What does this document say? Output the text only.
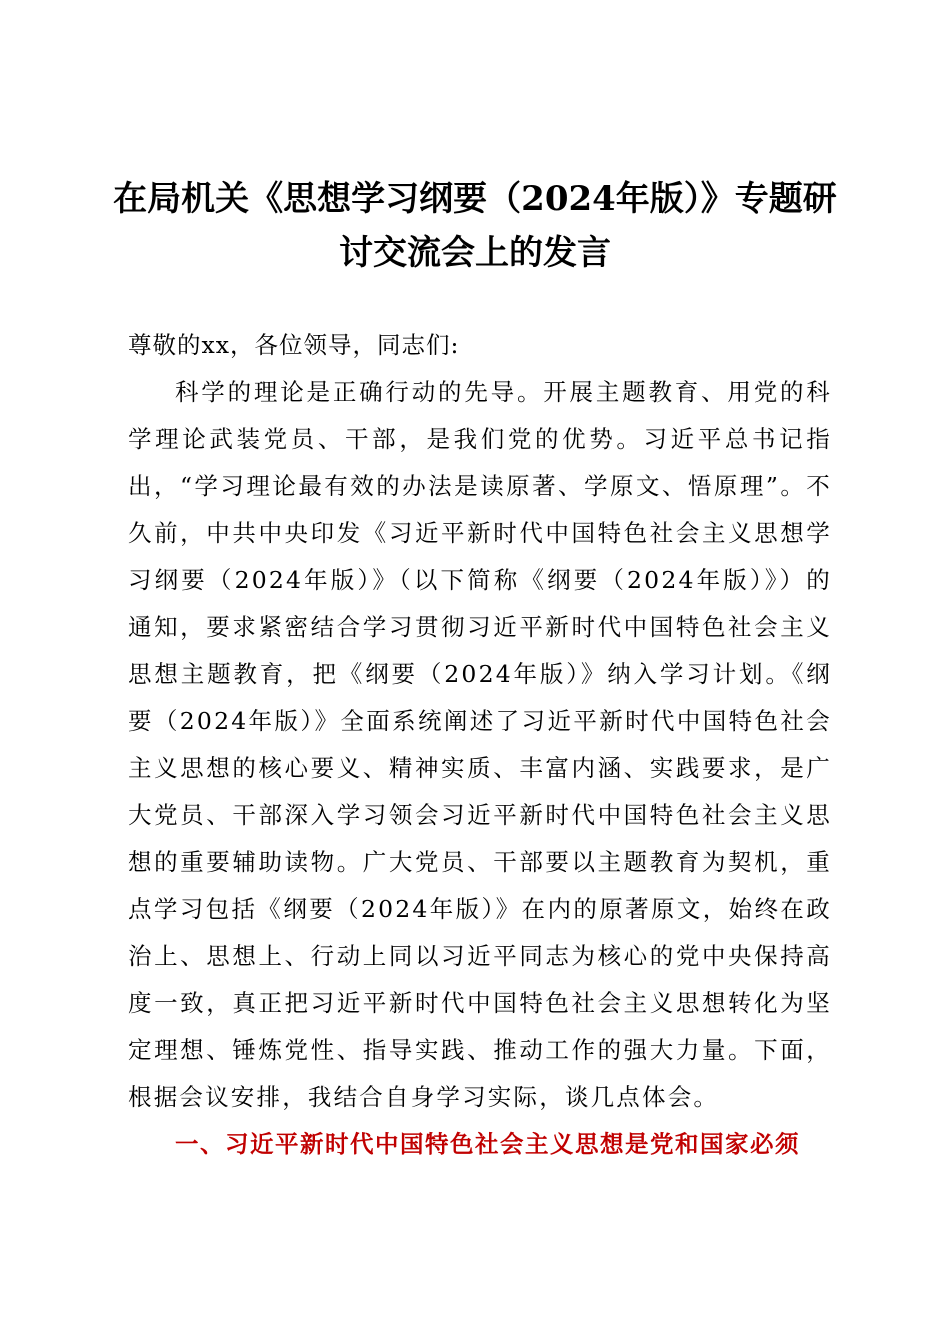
在局机关《思想学习纲要（2024年版）》专题研讨交流会上的发言

尊敬的xx，各位领导，同志们:

科学的理论是正确行动的先导。开展主题教育、用党的科学理论武装党员、干部，是我们党的优势。习近平总书记指出，“学习理论最有效的办法是读原著、学原文、悟原理”。不久前，中共中央印发《习近平新时代中国特色社会主义思想学习纲要（2024年版）》（以下简称《纲要（2024年版）》）的通知，要求紧密结合学习贯彻习近平新时代中国特色社会主义思想主题教育，把《纲要（2024年版）》纳入学习计划。《纲要（2024年版）》全面系统阐述了习近平新时代中国特色社会主义思想的核心要义、精神实质、丰富内涵、实践要求，是广大党员、干部深入学习领会习近平新时代中国特色社会主义思想的重要辅助读物。广大党员、干部要以主题教育为契机，重点学习包括《纲要（2024年版）》在内的原著原文，始终在政治上、思想上、行动上同以习近平同志为核心的党中央保持高度一致，真正把习近平新时代中国特色社会主义思想转化为坚定理想、锤炼党性、指导实践、推动工作的强大力量。下面，根据会议安排，我结合自身学习实际，谈几点体会。

一、习近平新时代中国特色社会主义思想是党和国家必须
